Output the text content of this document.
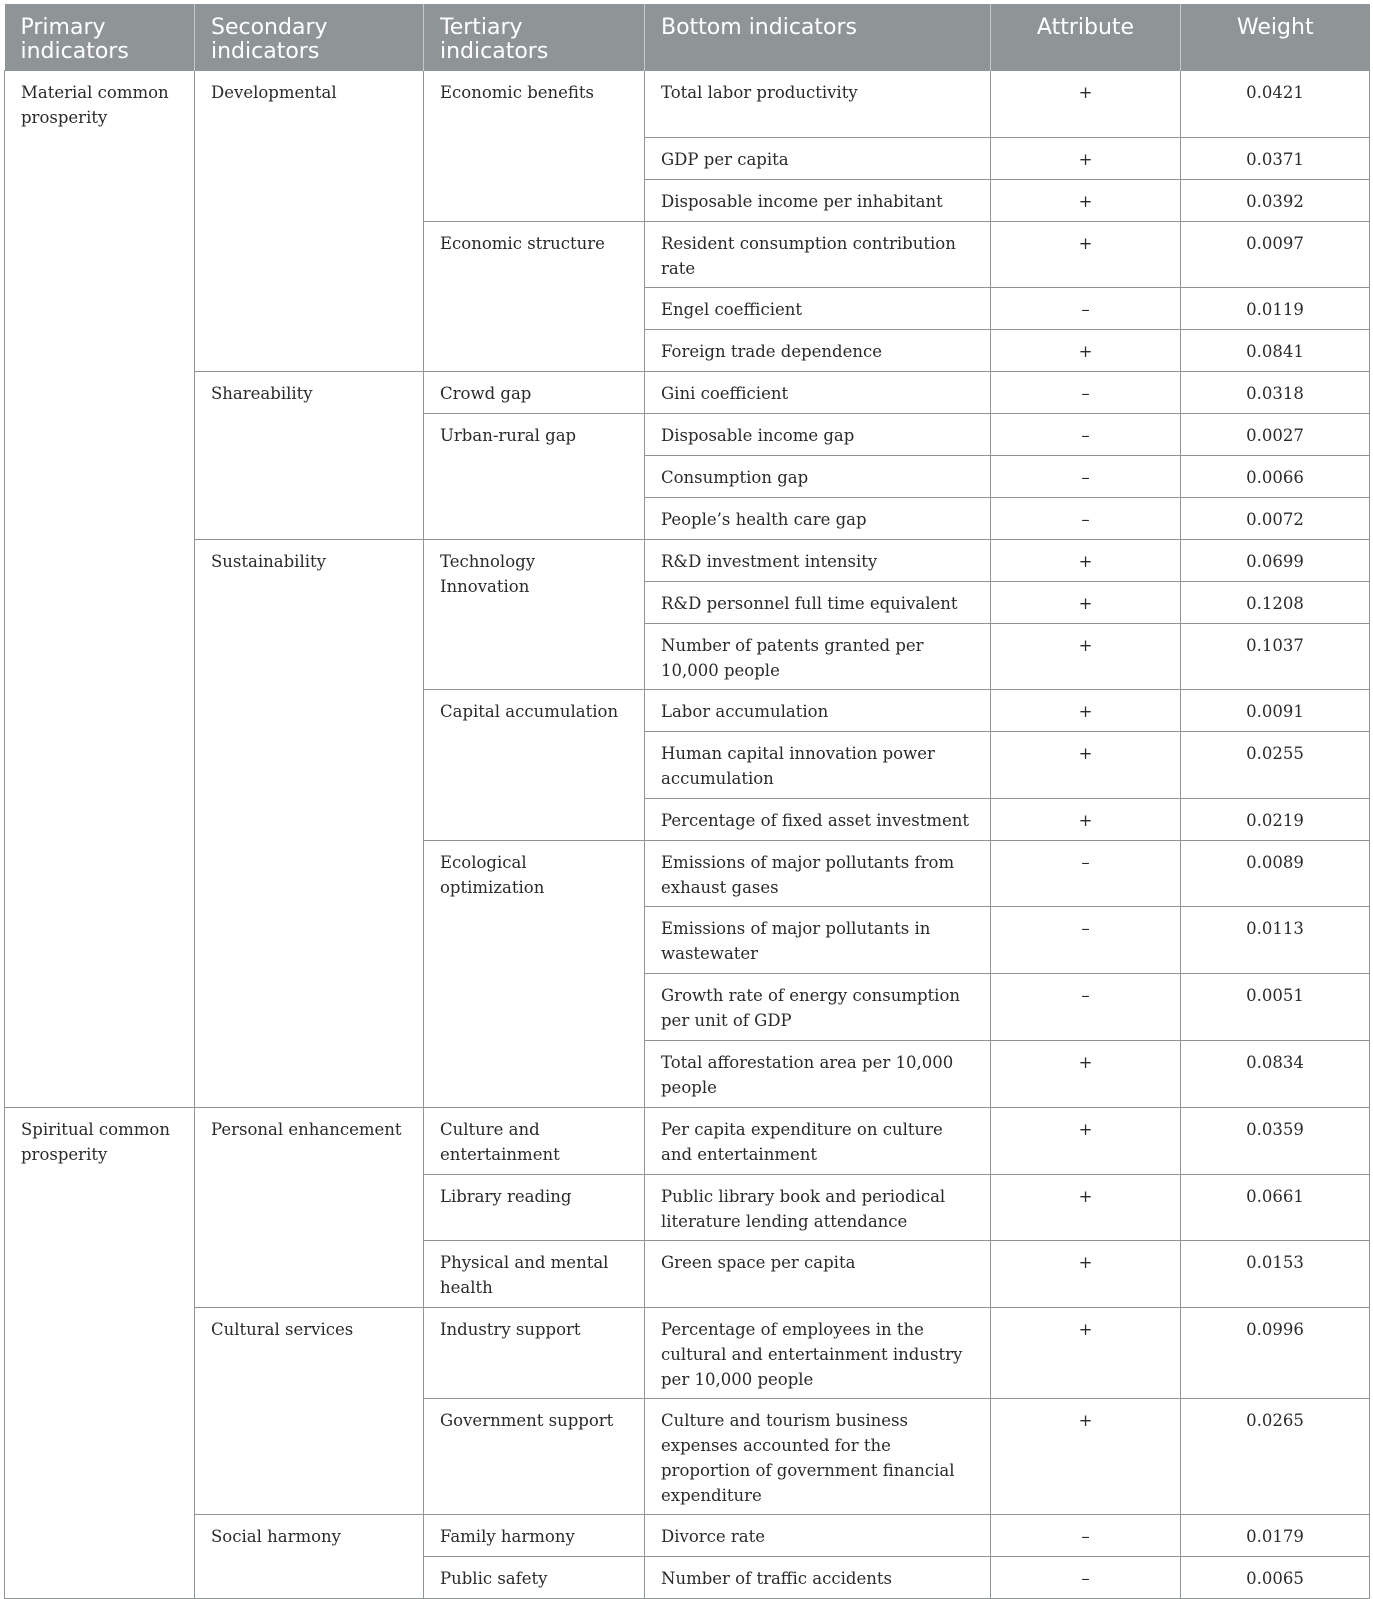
Primary indicators	Secondary indicators	Tertiary indicators	Bottom indicators	Attribute	Weight
Material common prosperity	Developmental	Economic benefits	Total labor productivity	+	0.0421
			GDP per capita	+	0.0371
			Disposable income per inhabitant	+	0.0392
		Economic structure	Resident consumption contribution rate	+	0.0097
			Engel coefficient	–	0.0119
			Foreign trade dependence	+	0.0841
	Shareability	Crowd gap	Gini coefficient	–	0.0318
		Urban-rural gap	Disposable income gap	–	0.0027
			Consumption gap	–	0.0066
			People’s health care gap	–	0.0072
	Sustainability	Technology Innovation	R&D investment intensity	+	0.0699
			R&D personnel full time equivalent	+	0.1208
			Number of patents granted per 10,000 people	+	0.1037
		Capital accumulation	Labor accumulation	+	0.0091
			Human capital innovation power accumulation	+	0.0255
			Percentage of fixed asset investment	+	0.0219
		Ecological optimization	Emissions of major pollutants from exhaust gases	–	0.0089
			Emissions of major pollutants in wastewater	–	0.0113
			Growth rate of energy consumption per unit of GDP	–	0.0051
			Total afforestation area per 10,000 people	+	0.0834
Spiritual common prosperity	Personal enhancement	Culture and entertainment	Per capita expenditure on culture and entertainment	+	0.0359
		Library reading	Public library book and periodical literature lending attendance	+	0.0661
		Physical and mental health	Green space per capita	+	0.0153
	Cultural services	Industry support	Percentage of employees in the cultural and entertainment industry per 10,000 people	+	0.0996
		Government support	Culture and tourism business expenses accounted for the proportion of government financial expenditure	+	0.0265
	Social harmony	Family harmony	Divorce rate	–	0.0179
		Public safety	Number of traffic accidents	–	0.0065
